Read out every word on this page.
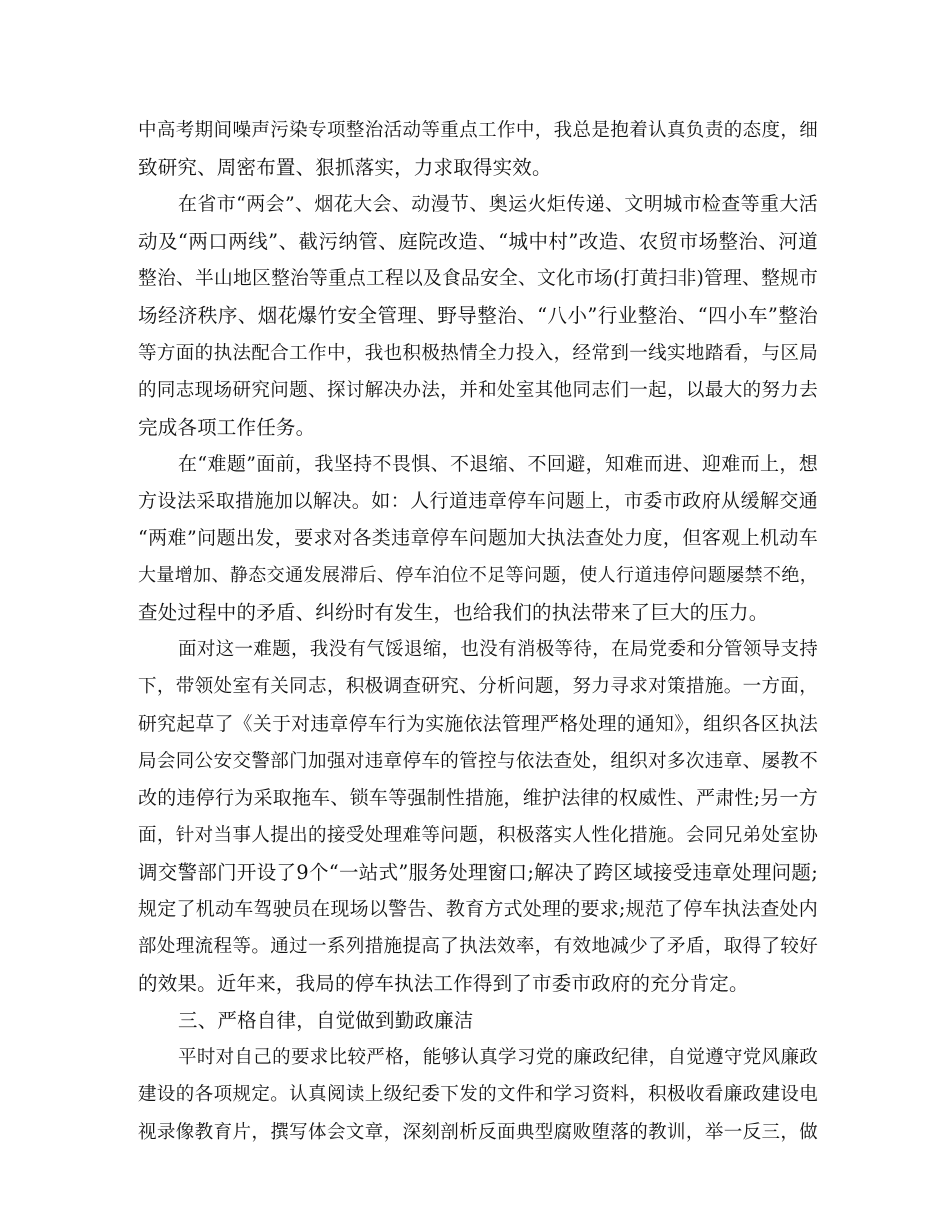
中高考期间噪声污染专项整治活动等重点工作中，我总是抱着认真负责的态度，细
致研究、周密布置、狠抓落实，力求取得实效。
在省市“两会”、烟花大会、动漫节、奥运火炬传递、文明城市检查等重大活
动及“两口两线”、截污纳管、庭院改造、“城中村”改造、农贸市场整治、河道
整治、半山地区整治等重点工程以及食品安全、文化市场(打黄扫非)管理、整规市
场经济秩序、烟花爆竹安全管理、野导整治、“八小”行业整治、“四小车”整治
等方面的执法配合工作中，我也积极热情全力投入，经常到一线实地踏看，与区局
的同志现场研究问题、探讨解决办法，并和处室其他同志们一起，以最大的努力去
完成各项工作任务。
在“难题”面前，我坚持不畏惧、不退缩、不回避，知难而进、迎难而上，想
方设法采取措施加以解决。如：人行道违章停车问题上，市委市政府从缓解交通
“两难”问题出发，要求对各类违章停车问题加大执法查处力度，但客观上机动车
大量增加、静态交通发展滞后、停车泊位不足等问题，使人行道违停问题屡禁不绝，
查处过程中的矛盾、纠纷时有发生，也给我们的执法带来了巨大的压力。
面对这一难题，我没有气馁退缩，也没有消极等待，在局党委和分管领导支持
下，带领处室有关同志，积极调查研究、分析问题，努力寻求对策措施。一方面，
研究起草了《关于对违章停车行为实施依法管理严格处理的通知》，组织各区执法
局会同公安交警部门加强对违章停车的管控与依法查处，组织对多次违章、屡教不
改的违停行为采取拖车、锁车等强制性措施，维护法律的权威性、严肃性;另一方
面，针对当事人提出的接受处理难等问题，积极落实人性化措施。会同兄弟处室协
调交警部门开设了9个“一站式”服务处理窗口;解决了跨区域接受违章处理问题;
规定了机动车驾驶员在现场以警告、教育方式处理的要求;规范了停车执法查处内
部处理流程等。通过一系列措施提高了执法效率，有效地减少了矛盾，取得了较好
的效果。近年来，我局的停车执法工作得到了市委市政府的充分肯定。
三、严格自律，自觉做到勤政廉洁
平时对自己的要求比较严格，能够认真学习党的廉政纪律，自觉遵守党风廉政
建设的各项规定。认真阅读上级纪委下发的文件和学习资料，积极收看廉政建设电
视录像教育片，撰写体会文章，深刻剖析反面典型腐败堕落的教训，举一反三，做
